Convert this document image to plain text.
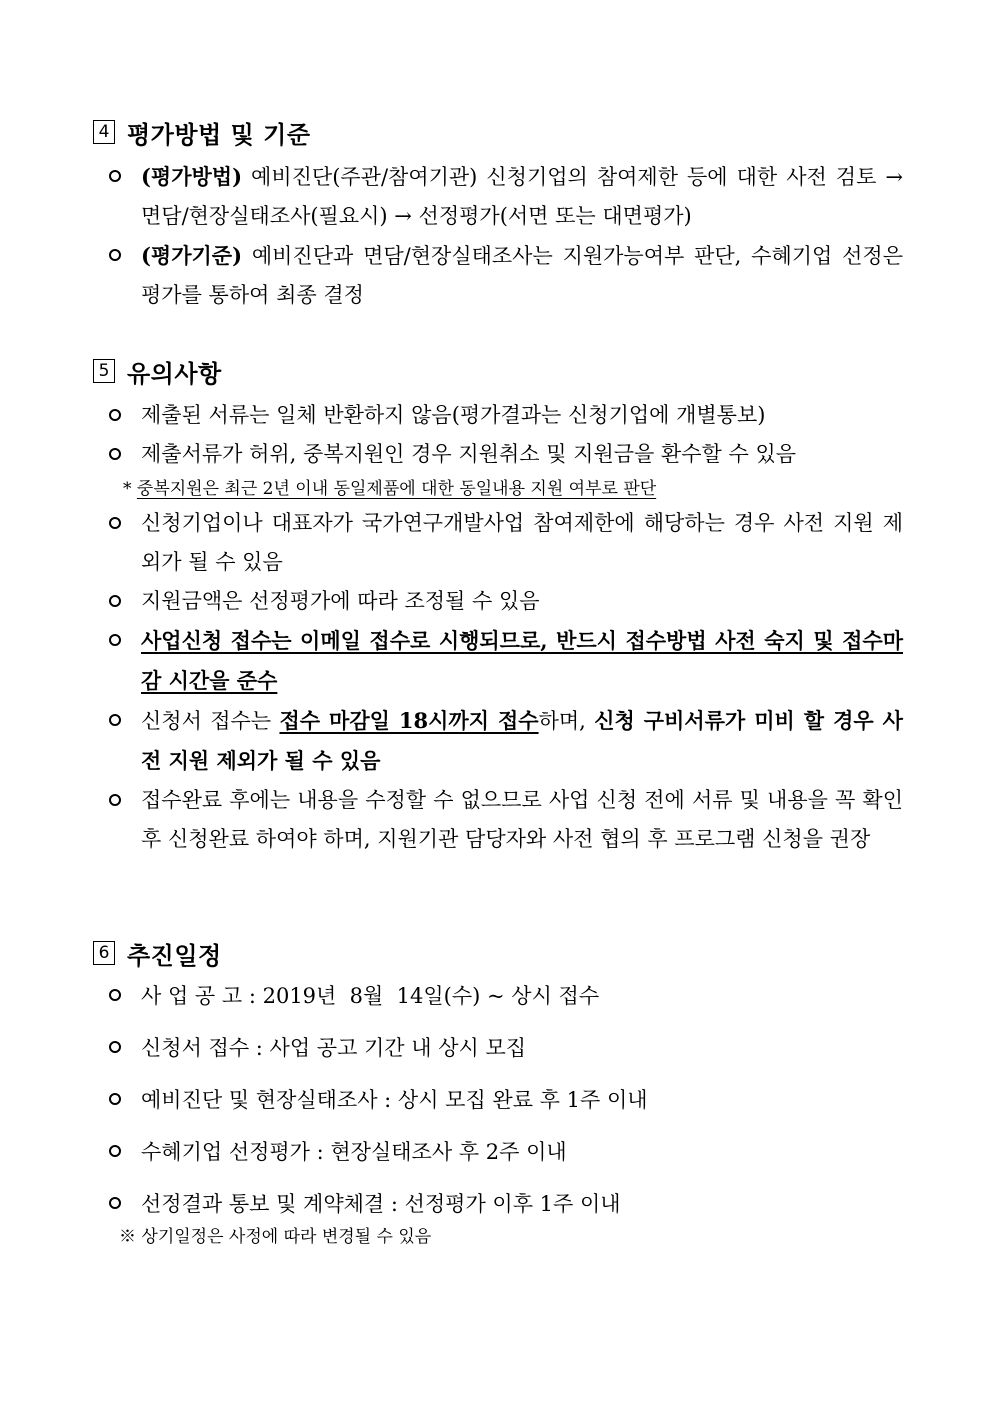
4 평가방법 및 기준
(평가방법) 예비진단(주관/참여기관) 신청기업의 참여제한 등에 대한 사전 검토 → 면담/현장실태조사(필요시) → 선정평가(서면 또는 대면평가)
(평가기준) 예비진단과 면담/현장실태조사는 지원가능여부 판단, 수혜기업 선정은 평가를 통하여 최종 결정
5 유의사항
제출된 서류는 일체 반환하지 않음(평가결과는 신청기업에 개별통보)
제출서류가 허위, 중복지원인 경우 지원취소 및 지원금을 환수할 수 있음
* 중복지원은 최근 2년 이내 동일제품에 대한 동일내용 지원 여부로 판단
신청기업이나 대표자가 국가연구개발사업 참여제한에 해당하는 경우 사전 지원 제외가 될 수 있음
지원금액은 선정평가에 따라 조정될 수 있음
사업신청 접수는 이메일 접수로 시행되므로, 반드시 접수방법 사전 숙지 및 접수마감 시간을 준수
신청서 접수는 접수 마감일 18시까지 접수하며, 신청 구비서류가 미비 할 경우 사전 지원 제외가 될 수 있음
접수완료 후에는 내용을 수정할 수 없으므로 사업 신청 전에 서류 및 내용을 꼭 확인 후 신청완료 하여야 하며, 지원기관 담당자와 사전 협의 후 프로그램 신청을 권장
6 추진일정
사 업 공 고 : 2019년  8월  14일(수) ~ 상시 접수
신청서 접수 : 사업 공고 기간 내 상시 모집
예비진단 및 현장실태조사 : 상시 모집 완료 후 1주 이내
수혜기업 선정평가 : 현장실태조사 후 2주 이내
선정결과 통보 및 계약체결 : 선정평가 이후 1주 이내
※ 상기일정은 사정에 따라 변경될 수 있음
